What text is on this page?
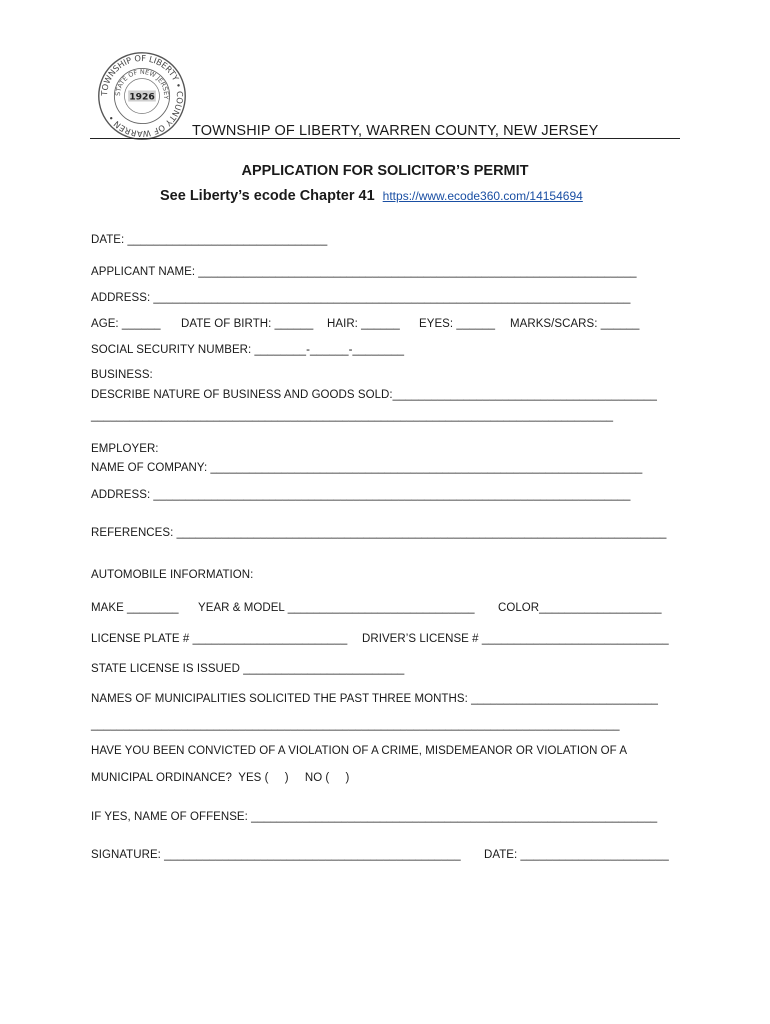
TOWNSHIP OF LIBERTY • COUNTY OF WARREN •
STATE OF NEW JERSEY
1926
TOWNSHIP OF LIBERTY, WARREN COUNTY, NEW JERSEY
APPLICATION FOR SOLICITOR’S PERMIT
See Liberty’s ecode Chapter 41 https://www.ecode360.com/14154694
DATE: _______________________________
APPLICANT NAME: ____________________________________________________________________
ADDRESS: __________________________________________________________________________
AGE: ______ DATE OF BIRTH: ______ HAIR: ______ EYES: ______ MARKS/SCARS: ______
SOCIAL SECURITY NUMBER: ________-______-________
BUSINESS:
DESCRIBE NATURE OF BUSINESS AND GOODS SOLD:_________________________________________
_________________________________________________________________________________
EMPLOYER:
NAME OF COMPANY: ___________________________________________________________________
ADDRESS: __________________________________________________________________________
REFERENCES: ____________________________________________________________________________
AUTOMOBILE INFORMATION:
MAKE ________ YEAR & MODEL _____________________________ COLOR___________________
LICENSE PLATE # ________________________ DRIVER’S LICENSE # _____________________________
STATE LICENSE IS ISSUED _________________________
NAMES OF MUNICIPALITIES SOLICITED THE PAST THREE MONTHS: _____________________________
__________________________________________________________________________________
HAVE YOU BEEN CONVICTED OF A VIOLATION OF A CRIME, MISDEMEANOR OR VIOLATION OF A
MUNICIPAL ORDINANCE?  YES (     )     NO (     )
IF YES, NAME OF OFFENSE: _______________________________________________________________
SIGNATURE: ______________________________________________ DATE: _______________________
